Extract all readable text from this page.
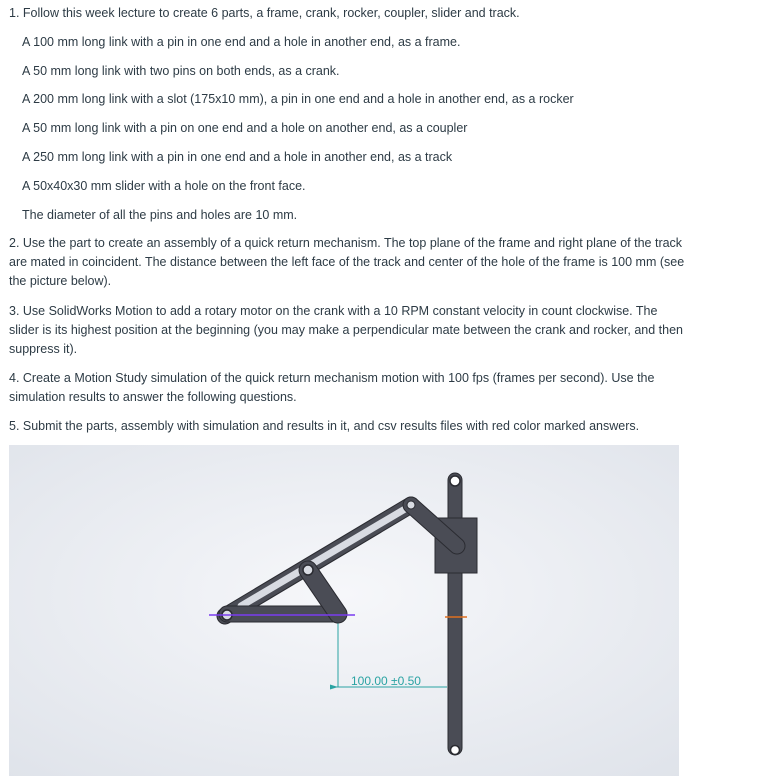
1. Follow this week lecture to create 6 parts, a frame, crank, rocker, coupler, slider and track.

A 100 mm long link with a pin in one end and a hole in another end, as a frame.

A 50 mm long link with two pins on both ends, as a crank.

A 200 mm long link with a slot (175x10 mm), a pin in one end and a hole in another end, as a rocker

A 50 mm long link with a pin on one end and a hole on another end, as a coupler

A 250 mm long link with a pin in one end and a hole in another end, as a track

A 50x40x30 mm slider with a hole on the front face.

The diameter of all the pins and holes are 10 mm.

2. Use the part to create an assembly of a quick return mechanism. The top plane of the frame and right plane of the track are mated in coincident. The distance between the left face of the track and center of the hole of the frame is 100 mm (see the picture below).

3. Use SolidWorks Motion to add a rotary motor on the crank with a 10 RPM constant velocity in count clockwise. The slider is its highest position at the beginning (you may make a perpendicular mate between the crank and rocker, and then suppress it).

4. Create a Motion Study simulation of the quick return mechanism motion with 100 fps (frames per second). Use the simulation results to answer the following questions.

5. Submit the parts, assembly with simulation and results in it, and csv results files with red color marked answers.

100.00 ±0.50
